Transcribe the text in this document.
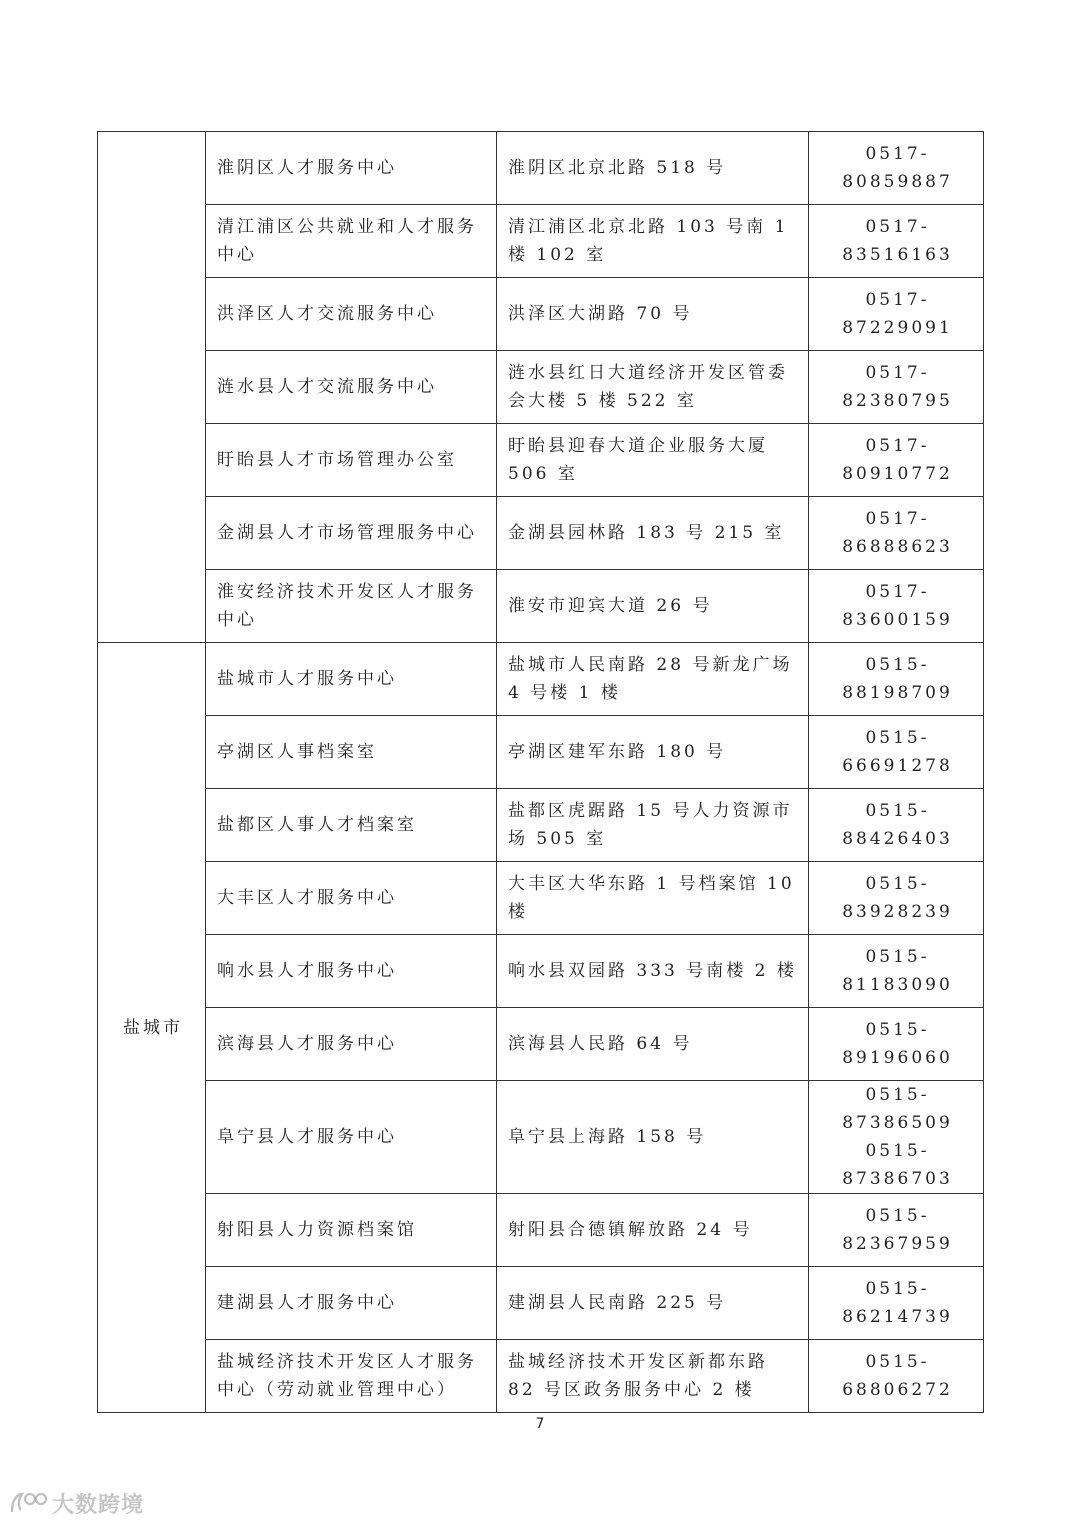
	淮阴区人才服务中心	淮阴区北京北路 518 号	0517-80859887

	清江浦区公共就业和人才服务中心	清江浦区北京北路 103 号南 1 楼 102 室	0517-83516163

	洪泽区人才交流服务中心	洪泽区大湖路 70 号	0517-87229091

	涟水县人才交流服务中心	涟水县红日大道经济开发区管委会大楼 5 楼 522 室	0517-82380795

	盱眙县人才市场管理办公室	盱眙县迎春大道企业服务大厦 506 室	0517-80910772

	金湖县人才市场管理服务中心	金湖县园林路 183 号 215 室	0517-86888623

	淮安经济技术开发区人才服务中心	淮安市迎宾大道 26 号	0517-83600159

盐城市	盐城市人才服务中心	盐城市人民南路 28 号新龙广场 4 号楼 1 楼	0515-88198709

	亭湖区人事档案室	亭湖区建军东路 180 号	0515-66691278

	盐都区人事人才档案室	盐都区虎踞路 15 号人力资源市场 505 室	0515-88426403

	大丰区人才服务中心	大丰区大华东路 1 号档案馆 10 楼	0515-83928239

	响水县人才服务中心	响水县双园路 333 号南楼 2 楼	0515-81183090

	滨海县人才服务中心	滨海县人民路 64 号	0515-89196060

	阜宁县人才服务中心	阜宁县上海路 158 号	0515-87386509
0515-87386703

	射阳县人力资源档案馆	射阳县合德镇解放路 24 号	0515-82367959

	建湖县人才服务中心	建湖县人民南路 225 号	0515-86214739

	盐城经济技术开发区人才服务中心（劳动就业管理中心）	盐城经济技术开发区新都东路 82 号区政务服务中心 2 楼	0515-68806272
7
大数跨境
